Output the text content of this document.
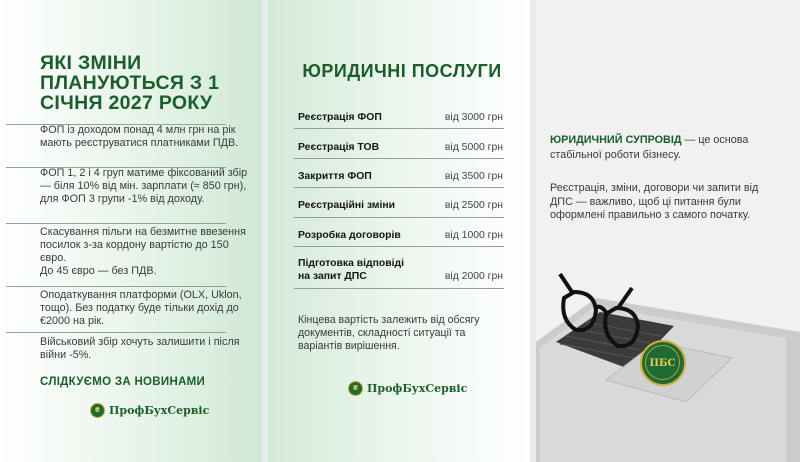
ЯКІ ЗМІНИ ПЛАНУЮТЬСЯ З 1 СІЧНЯ 2027 РОКУ
ФОП із доходом понад 4 млн грн на рік мають реєструватися платниками ПДВ.
ФОП 1, 2 і 4 груп матиме фіксований збір — біля 10% від мін. зарплати (≈ 850 грн), для ФОП 3 групи -1% від доходу.
Скасування пільги на безмитне ввезення посилок з-за кордону вартістю до 150 євро.
До 45 євро — без ПДВ.
Оподаткування платформи (OLX, Uklon, тощо). Без податку буде тільки дохід до €2000 на рік.
Військовий збір хочуть залишити і після війни -5%.
СЛІДКУЄМО ЗА НОВИНАМИ
₴ ПрофБухСервіс
ЮРИДИЧНІ ПОСЛУГИ
Реєстрація ФОП	від 3000 грн
Реєстрація ТОВ	від 5000 грн
Закриття ФОП	від 3500 грн
Реєстраційні зміни	від 2500 грн
Розробка договорів	від 1000 грн
Підготовка відповіді на запит ДПС	від 2000 грн
Кінцева вартість залежить від обсягу документів, складності ситуації та варіантів вирішення.
₴ ПрофБухСервіс

ЮРИДИЧНИЙ СУПРОВІД — це основа стабільної роботи бізнесу.

Реєстрація, зміни, договори чи запити від ДПС — важливо, щоб ці питання були оформлені правильно з самого початку.

ПБС
